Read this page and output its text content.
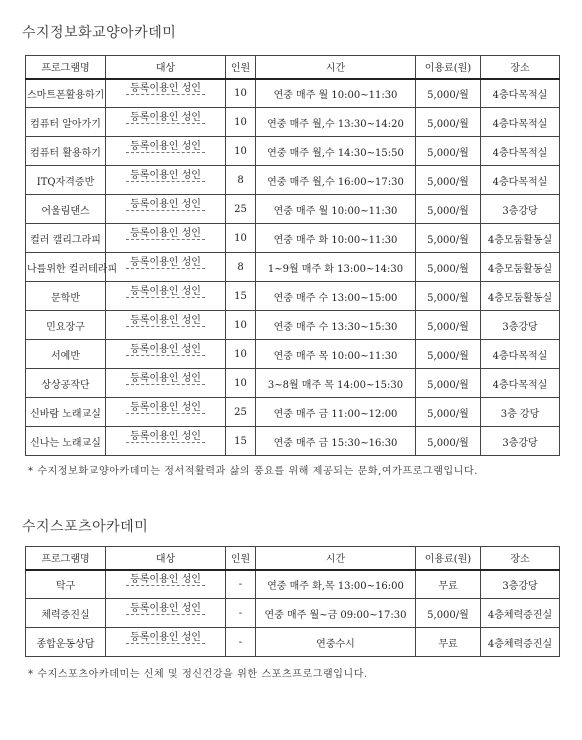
수지정보화교양아카데미
프로그램명	대상	인원	시간	이용료(원)	장소
스마트폰활용하기	등록이용인 성인	10	연중 매주 월 10:00~11:30	5,000/월	4층다목적실
컴퓨터 알아가기	등록이용인 성인	10	연중 매주 월,수 13:30~14:20	5,000/월	4층다목적실
컴퓨터 활용하기	등록이용인 성인	10	연중 매주 월,수 14:30~15:50	5,000/월	4층다목적실
ITQ자격증반	등록이용인 성인	8	연중 매주 월,수 16:00~17:30	5,000/월	4층다목적실
어울림댄스	등록이용인 성인	25	연중 매주 월 10:00~11:30	5,000/월	3층강당
컬러 캘리그라피	등록이용인 성인	10	연중 매주 화 10:00~11:30	5,000/월	4층모둠활동실
나를위한 컬러테라피	등록이용인 성인	8	1~9월 매주 화 13:00~14:30	5,000/월	4층모둠활동실
문학반	등록이용인 성인	15	연중 매주 수 13:00~15:00	5,000/월	4층모둠활동실
민요장구	등록이용인 성인	10	연중 매주 수 13:30~15:30	5,000/월	3층강당
서예반	등록이용인 성인	10	연중 매주 목 10:00~11:30	5,000/월	4층다목적실
상상공작단	등록이용인 성인	10	3~8월 매주 목 14:00~15:30	5,000/월	4층다목적실
신바람 노래교실	등록이용인 성인	25	연중 매주 금 11:00~12:00	5,000/월	3층 강당
신나는 노래교실	등록이용인 성인	15	연중 매주 금 15:30~16:30	5,000/월	3층강당
* 수지정보화교양아카데미는 정서적활력과 삶의 풍요를 위해 제공되는 문화,여가프로그램입니다.
수지스포츠아카데미
프로그램명	대상	인원	시간	이용료(원)	장소
탁구	등록이용인 성인	-	연중 매주 화,목 13:00~16:00	무료	3층강당
체력증진실	등록이용인 성인	-	연중 매주 월~금 09:00~17:30	5,000/월	4층체력증진실
종합운동상담	등록이용인 성인	-	연중수시	무료	4층체력증진실
* 수지스포츠아카데미는 신체 및 정신건강을 위한 스포츠프로그램입니다.
